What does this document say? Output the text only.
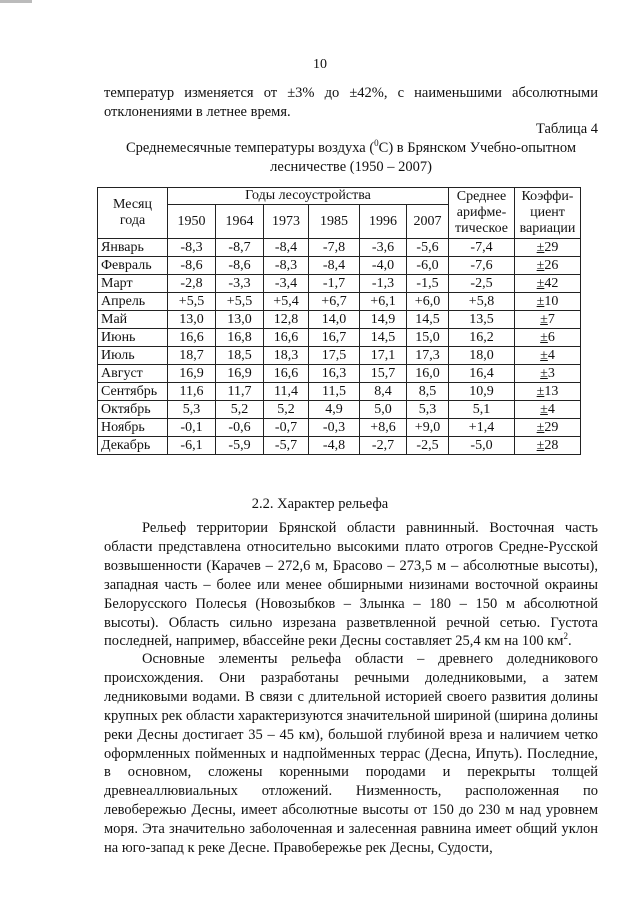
10

температур изменяется от ±3% до ±42%, с наименьшими абсолютными отклонениями в летнее время.

Таблица 4
Среднемесячные температуры воздуха ($^0$С) в Брянском Учебно-опытном лесничестве (1950 – 2007)
Месяц года	Годы лесоустройства						Среднее арифме-тическое	Коэффи-циент вариации
	1950	1964	1973	1985	1996	2007		
Январь	-8,3	-8,7	-8,4	-7,8	-3,6	-5,6	-7,4	±29
Февраль	-8,6	-8,6	-8,3	-8,4	-4,0	-6,0	-7,6	±26
Март	-2,8	-3,3	-3,4	-1,7	-1,3	-1,5	-2,5	±42
Апрель	+5,5	+5,5	+5,4	+6,7	+6,1	+6,0	+5,8	±10
Май	13,0	13,0	12,8	14,0	14,9	14,5	13,5	±7
Июнь	16,6	16,8	16,6	16,7	14,5	15,0	16,2	±6
Июль	18,7	18,5	18,3	17,5	17,1	17,3	18,0	±4
Август	16,9	16,9	16,6	16,3	15,7	16,0	16,4	±3
Сентябрь	11,6	11,7	11,4	11,5	8,4	8,5	10,9	±13
Октябрь	5,3	5,2	5,2	4,9	5,0	5,3	5,1	±4
Ноябрь	-0,1	-0,6	-0,7	-0,3	+8,6	+9,0	+1,4	±29
Декабрь	-6,1	-5,9	-5,7	-4,8	-2,7	-2,5	-5,0	±28
2.2. Характер рельефа

Рельеф территории Брянской области равнинный. Восточная часть области представлена относительно высокими плато отрогов Средне-Русской возвышенности (Карачев – 272,6 м, Брасово – 273,5 м – абсолютные высоты), западная часть – более или менее обширными низинами восточной окраины Белорусского Полесья (Новозыбков – Злынка – 180 – 150 м абсолютной высоты). Область сильно изрезана разветвленной речной сетью. Густота последней, например, вбассейне реки Десны составляет 25,4 км на 100 $км^2$.

Основные элементы рельефа области – древнего доледникового происхождения. Они разработаны речными доледниковыми, а затем ледниковыми водами. В связи с длительной историей своего развития долины крупных рек области характеризуются значительной шириной (ширина долины реки Десны достигает 35 – 45 км), большой глубиной вреза и наличием четко оформленных пойменных и надпойменных террас (Десна, Ипуть). Последние, в основном, сложены коренными породами и перекрыты толщей древнеаллювиальных отложений. Низменность, расположенная по левобережью Десны, имеет абсолютные высоты от 150 до 230 м над уровнем моря. Эта значительно заболоченная и залесенная равнина имеет общий уклон на юго-запад к реке Десне. Правобережье рек Десны, Судости,
